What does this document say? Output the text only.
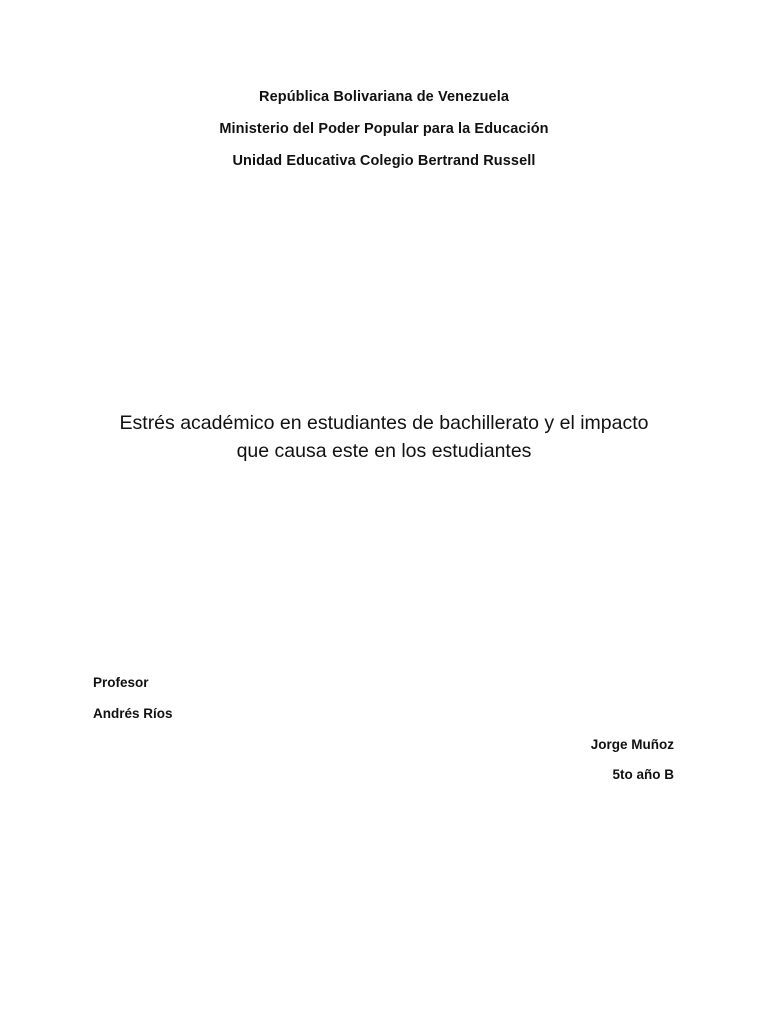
República Bolivariana de Venezuela
Ministerio del Poder Popular para la Educación
Unidad Educativa Colegio Bertrand Russell
Estrés académico en estudiantes de bachillerato y el impacto
que causa este en los estudiantes
Profesor
Andrés Ríos
Jorge Muñoz
5to año B
